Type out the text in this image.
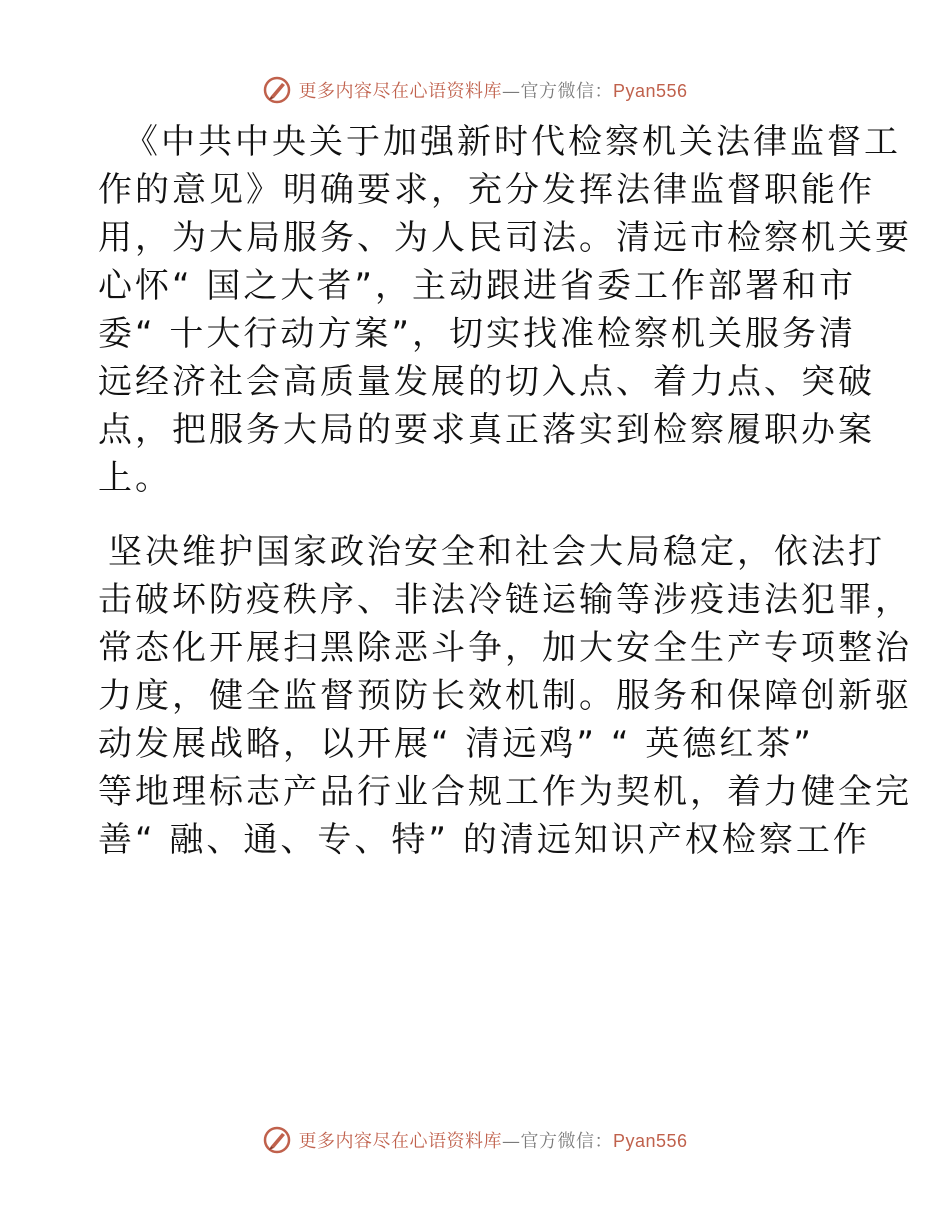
更多内容尽在心语资料库—官方微信：Pyan556

《中共中央关于加强新时代检察机关法律监督工
作的意见》明确要求，充分发挥法律监督职能作
用，为大局服务、为人民司法。清远市检察机关要
心怀“ 国之大者”，主动跟进省委工作部署和市
委“ 十大行动方案”，切实找准检察机关服务清
远经济社会高质量发展的切入点、着力点、突破
点，把服务大局的要求真正落实到检察履职办案
上。

坚决维护国家政治安全和社会大局稳定，依法打
击破坏防疫秩序、非法冷链运输等涉疫违法犯罪，
常态化开展扫黑除恶斗争，加大安全生产专项整治
力度，健全监督预防长效机制。服务和保障创新驱
动发展战略，以开展“ 清远鸡” “ 英德红茶”
等地理标志产品行业合规工作为契机，着力健全完
善“ 融、通、专、特” 的清远知识产权检察工作

更多内容尽在心语资料库—官方微信：Pyan556
